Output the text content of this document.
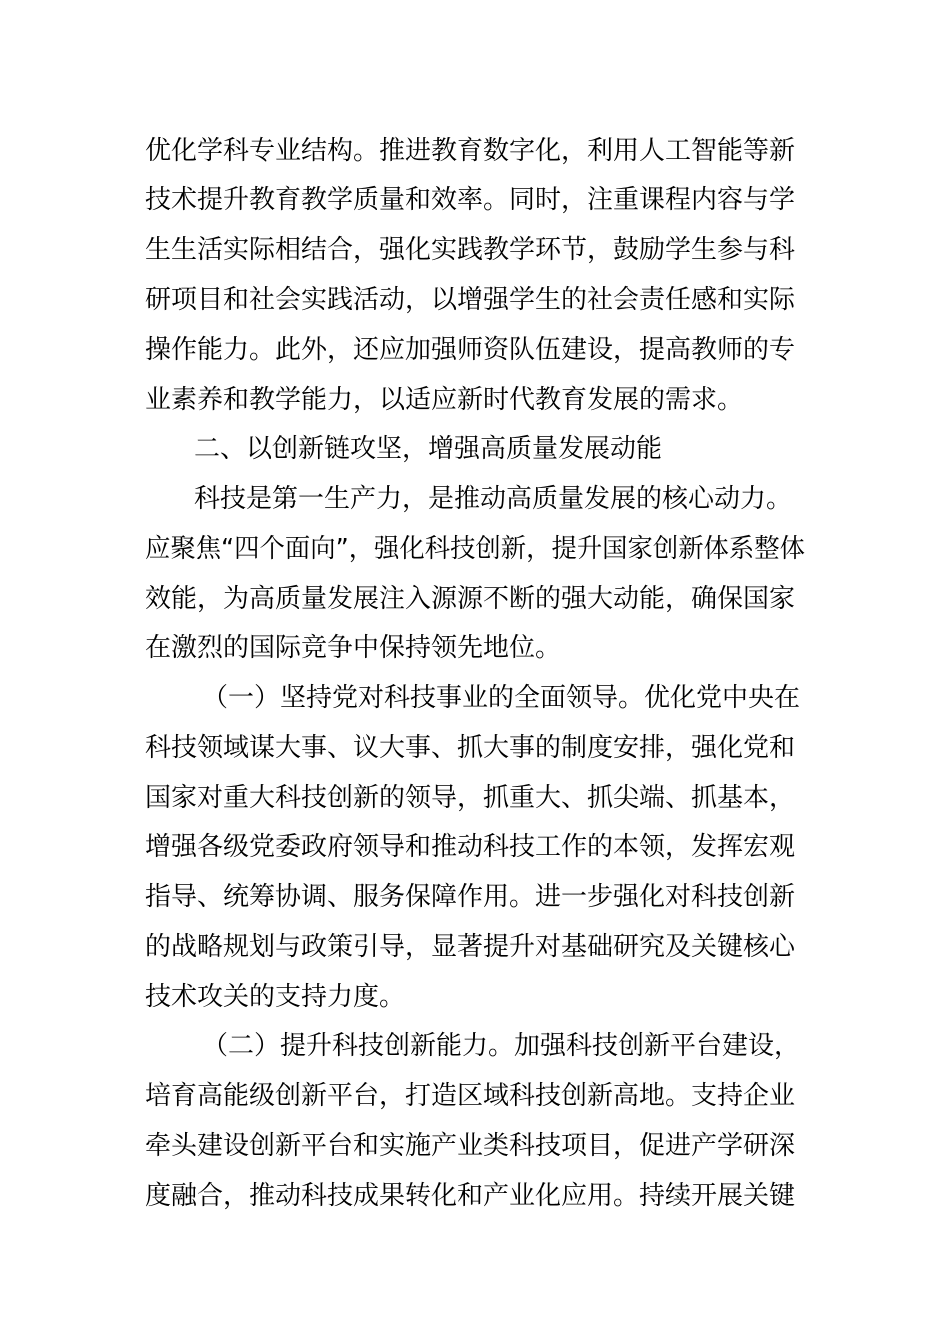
优化学科专业结构。推进教育数字化，利用人工智能等新
技术提升教育教学质量和效率。同时，注重课程内容与学
生生活实际相结合，强化实践教学环节，鼓励学生参与科
研项目和社会实践活动，以增强学生的社会责任感和实际
操作能力。此外，还应加强师资队伍建设，提高教师的专
业素养和教学能力，以适应新时代教育发展的需求。
二、以创新链攻坚，增强高质量发展动能
科技是第一生产力，是推动高质量发展的核心动力。
应聚焦“四个面向”，强化科技创新，提升国家创新体系整体
效能，为高质量发展注入源源不断的强大动能，确保国家
在激烈的国际竞争中保持领先地位。
（一）坚持党对科技事业的全面领导。优化党中央在
科技领域谋大事、议大事、抓大事的制度安排，强化党和
国家对重大科技创新的领导，抓重大、抓尖端、抓基本，
增强各级党委政府领导和推动科技工作的本领，发挥宏观
指导、统筹协调、服务保障作用。进一步强化对科技创新
的战略规划与政策引导，显著提升对基础研究及关键核心
技术攻关的支持力度。
（二）提升科技创新能力。加强科技创新平台建设，
培育高能级创新平台，打造区域科技创新高地。支持企业
牵头建设创新平台和实施产业类科技项目，促进产学研深
度融合，推动科技成果转化和产业化应用。持续开展关键
